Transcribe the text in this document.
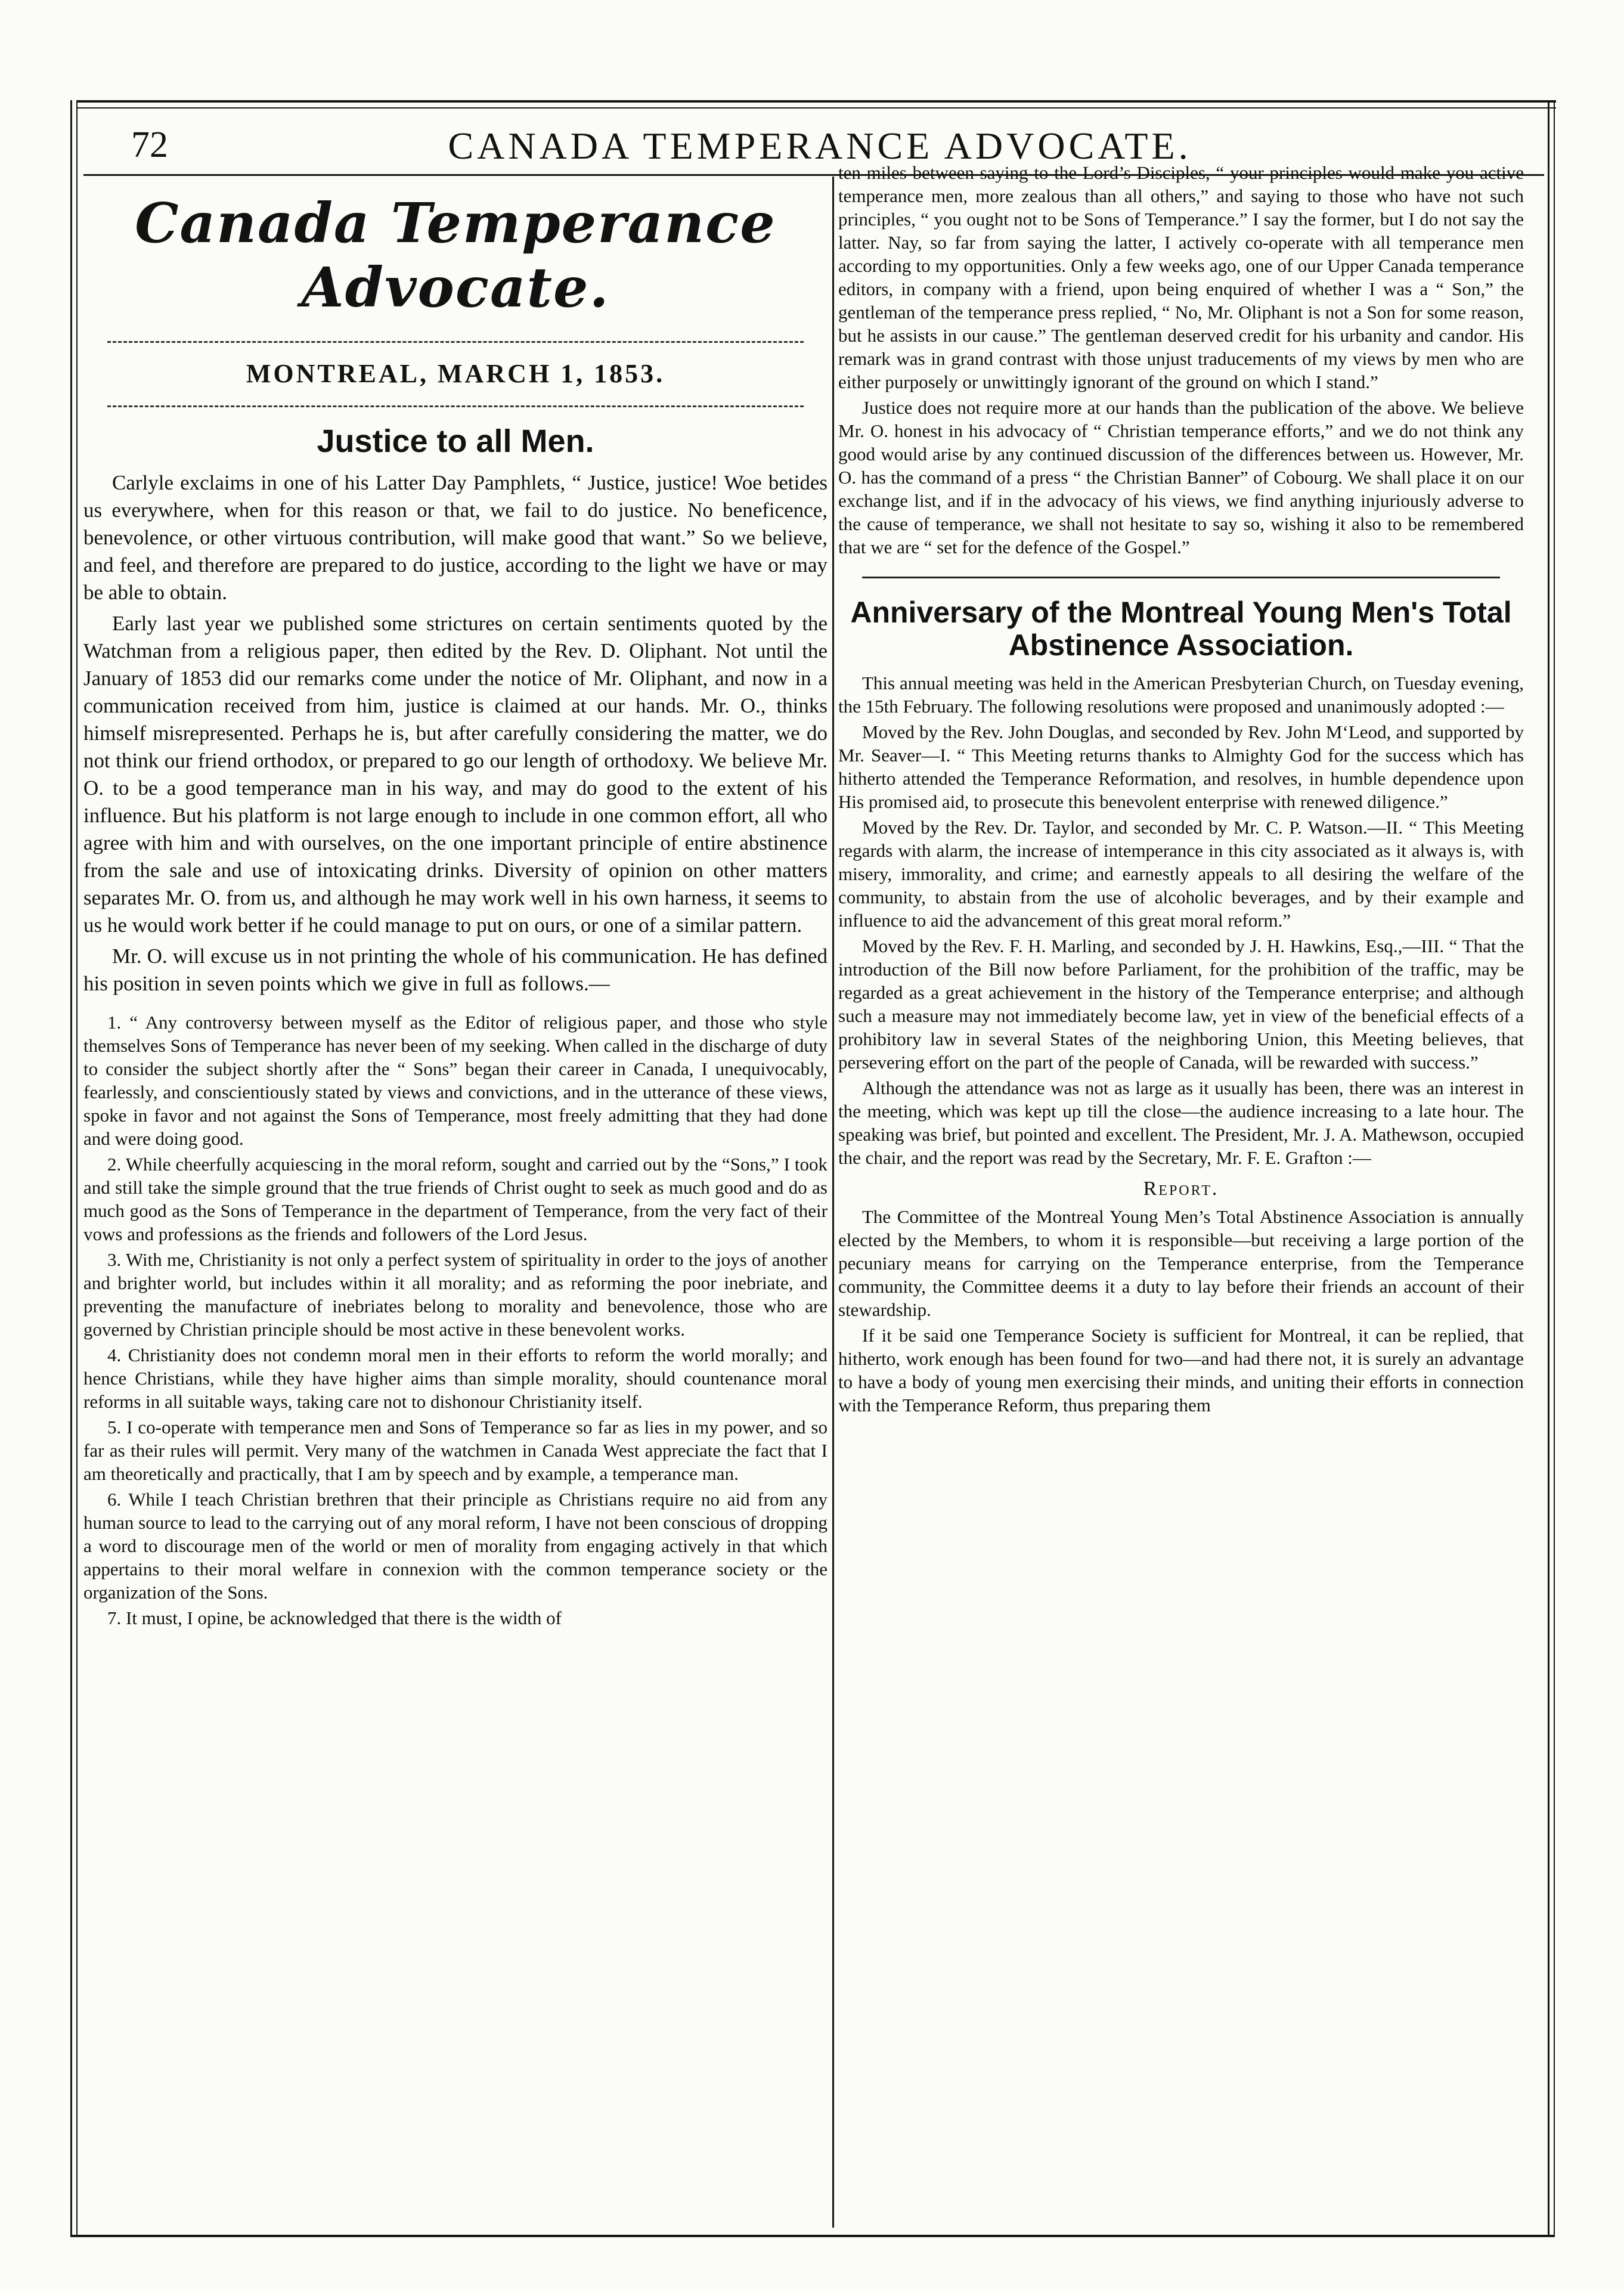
72	CANADA TEMPERANCE ADVOCATE.
Canada Temperance Advocate.
MONTREAL, MARCH 1, 1853.
Justice to all Men.

Carlyle exclaims in one of his Latter Day Pamphlets, “ Justice, justice! Woe betides us everywhere, when for this reason or that, we fail to do justice. No beneficence, benevolence, or other virtuous contribution, will make good that want.” So we believe, and feel, and therefore are prepared to do justice, according to the light we have or may be able to obtain.

Early last year we published some strictures on certain sentiments quoted by the Watchman from a religious paper, then edited by the Rev. D. Oliphant. Not until the January of 1853 did our remarks come under the notice of Mr. Oliphant, and now in a communication received from him, justice is claimed at our hands. Mr. O., thinks himself misrepresented. Perhaps he is, but after carefully considering the matter, we do not think our friend orthodox, or prepared to go our length of orthodoxy. We believe Mr. O. to be a good temperance man in his way, and may do good to the extent of his influence. But his platform is not large enough to include in one common effort, all who agree with him and with ourselves, on the one important principle of entire abstinence from the sale and use of intoxicating drinks. Diversity of opinion on other matters separates Mr. O. from us, and although he may work well in his own harness, it seems to us he would work better if he could manage to put on ours, or one of a similar pattern.

Mr. O. will excuse us in not printing the whole of his communication. He has defined his position in seven points which we give in full as follows.—

1. “ Any controversy between myself as the Editor of religious paper, and those who style themselves Sons of Temperance has never been of my seeking. When called in the discharge of duty to consider the subject shortly after the “ Sons” began their career in Canada, I unequivocably, fearlessly, and conscientiously stated by views and convictions, and in the utterance of these views, spoke in favor and not against the Sons of Temperance, most freely admitting that they had done and were doing good.

2. While cheerfully acquiescing in the moral reform, sought and carried out by the “Sons,” I took and still take the simple ground that the true friends of Christ ought to seek as much good and do as much good as the Sons of Temperance in the department of Temperance, from the very fact of their vows and professions as the friends and followers of the Lord Jesus.

3. With me, Christianity is not only a perfect system of spirituality in order to the joys of another and brighter world, but includes within it all morality; and as reforming the poor inebriate, and preventing the manufacture of inebriates belong to morality and benevolence, those who are governed by Christian principle should be most active in these benevolent works.

4. Christianity does not condemn moral men in their efforts to reform the world morally; and hence Christians, while they have higher aims than simple morality, should countenance moral reforms in all suitable ways, taking care not to dishonour Christianity itself.

5. I co-operate with temperance men and Sons of Temperance so far as lies in my power, and so far as their rules will permit. Very many of the watchmen in Canada West appreciate the fact that I am theoretically and practically, that I am by speech and by example, a temperance man.

6. While I teach Christian brethren that their principle as Christians require no aid from any human source to lead to the carrying out of any moral reform, I have not been conscious of dropping a word to discourage men of the world or men of morality from engaging actively in that which appertains to their moral welfare in connexion with the common temperance society or the organization of the Sons.

7. It must, I opine, be acknowledged that there is the width of

ten miles between saying to the Lord’s Disciples, “ your principles would make you active temperance men, more zealous than all others,” and saying to those who have not such principles, “ you ought not to be Sons of Temperance.” I say the former, but I do not say the latter. Nay, so far from saying the latter, I actively co-operate with all temperance men according to my opportunities. Only a few weeks ago, one of our Upper Canada temperance editors, in company with a friend, upon being enquired of whether I was a “ Son,” the gentleman of the temperance press replied, “ No, Mr. Oliphant is not a Son for some reason, but he assists in our cause.” The gentleman deserved credit for his urbanity and candor. His remark was in grand contrast with those unjust traducements of my views by men who are either purposely or unwittingly ignorant of the ground on which I stand.”

Justice does not require more at our hands than the publication of the above. We believe Mr. O. honest in his advocacy of “ Christian temperance efforts,” and we do not think any good would arise by any continued discussion of the differences between us. However, Mr. O. has the command of a press “ the Christian Banner” of Cobourg. We shall place it on our exchange list, and if in the advocacy of his views, we find anything injuriously adverse to the cause of temperance, we shall not hesitate to say so, wishing it also to be remembered that we are “ set for the defence of the Gospel.”

Anniversary of the Montreal Young Men's Total Abstinence Association.

This annual meeting was held in the American Presbyterian Church, on Tuesday evening, the 15th February. The following resolutions were proposed and unanimously adopted :—

Moved by the Rev. John Douglas, and seconded by Rev. John M‘Leod, and supported by Mr. Seaver—I. “ This Meeting returns thanks to Almighty God for the success which has hitherto attended the Temperance Reformation, and resolves, in humble dependence upon His promised aid, to prosecute this benevolent enterprise with renewed diligence.”

Moved by the Rev. Dr. Taylor, and seconded by Mr. C. P. Watson.—II. “ This Meeting regards with alarm, the increase of intemperance in this city associated as it always is, with misery, immorality, and crime; and earnestly appeals to all desiring the welfare of the community, to abstain from the use of alcoholic beverages, and by their example and influence to aid the advancement of this great moral reform.”

Moved by the Rev. F. H. Marling, and seconded by J. H. Hawkins, Esq.,—III. “ That the introduction of the Bill now before Parliament, for the prohibition of the traffic, may be regarded as a great achievement in the history of the Temperance enterprise; and although such a measure may not immediately become law, yet in view of the beneficial effects of a prohibitory law in several States of the neighboring Union, this Meeting believes, that persevering effort on the part of the people of Canada, will be rewarded with success.”

Although the attendance was not as large as it usually has been, there was an interest in the meeting, which was kept up till the close—the audience increasing to a late hour. The speaking was brief, but pointed and excellent. The President, Mr. J. A. Mathewson, occupied the chair, and the report was read by the Secretary, Mr. F. E. Grafton :—

Report.

The Committee of the Montreal Young Men’s Total Abstinence Association is annually elected by the Members, to whom it is responsible—but receiving a large portion of the pecuniary means for carrying on the Temperance enterprise, from the Temperance community, the Committee deems it a duty to lay before their friends an account of their stewardship.

If it be said one Temperance Society is sufficient for Montreal, it can be replied, that hitherto, work enough has been found for two—and had there not, it is surely an advantage to have a body of young men exercising their minds, and uniting their efforts in connection with the Temperance Reform, thus preparing them
